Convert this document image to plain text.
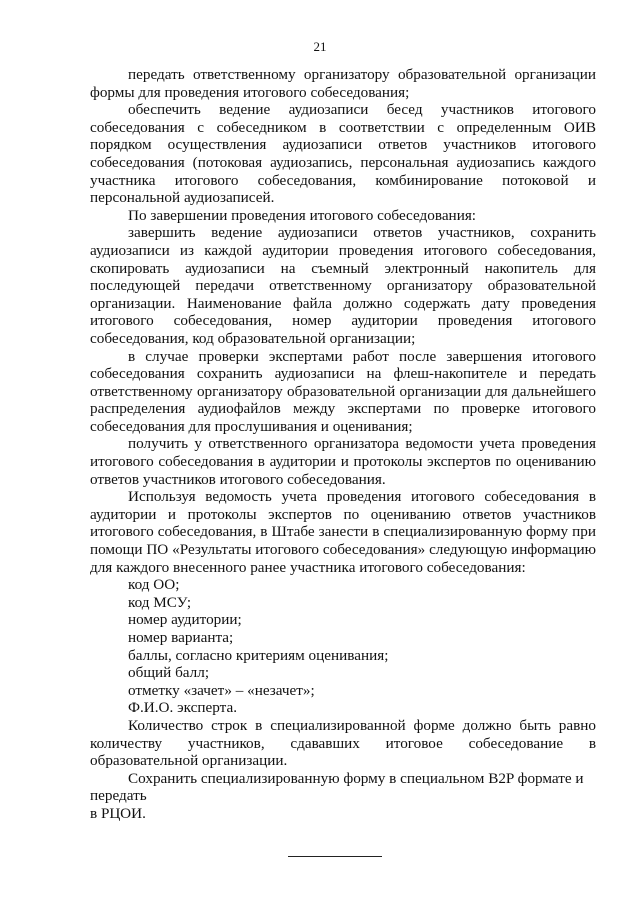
21

передать ответственному организатору образовательной организации формы для проведения итогового собеседования;

обеспечить ведение аудиозаписи бесед участников итогового собеседования с собеседником в соответствии с определенным ОИВ порядком осуществления аудиозаписи ответов участников итогового собеседования (потоковая аудиозапись, персональная аудиозапись каждого участника итогового собеседования, комбинирование потоковой и персональной аудиозаписей.

По завершении проведения итогового собеседования:

завершить ведение аудиозаписи ответов участников, сохранить аудиозаписи из каждой аудитории проведения итогового собеседования, скопировать аудиозаписи на съемный электронный накопитель для последующей передачи ответственному организатору образовательной организации. Наименование файла должно содержать дату проведения итогового собеседования, номер аудитории проведения итогового собеседования, код образовательной организации;

в случае проверки экспертами работ после завершения итогового собеседования сохранить аудиозаписи на флеш-накопителе и передать ответственному организатору образовательной организации для дальнейшего распределения аудиофайлов между экспертами по проверке итогового собеседования для прослушивания и оценивания;

получить у ответственного организатора ведомости учета проведения итогового собеседования в аудитории и протоколы экспертов по оцениванию ответов участников итогового собеседования.

Используя ведомость учета проведения итогового собеседования в аудитории и протоколы экспертов по оцениванию ответов участников итогового собеседования, в Штабе занести в специализированную форму при помощи ПО «Результаты итогового собеседования» следующую информацию для каждого внесенного ранее участника итогового собеседования:

код ОО;

код МСУ;

номер аудитории;

номер варианта;

баллы, согласно критериям оценивания;

общий балл;

отметку «зачет» – «незачет»;

Ф.И.О. эксперта.

Количество строк в специализированной форме должно быть равно количеству участников, сдававших итоговое собеседование в образовательной организации.

Сохранить специализированную форму в специальном B2P формате и передать

в РЦОИ.
